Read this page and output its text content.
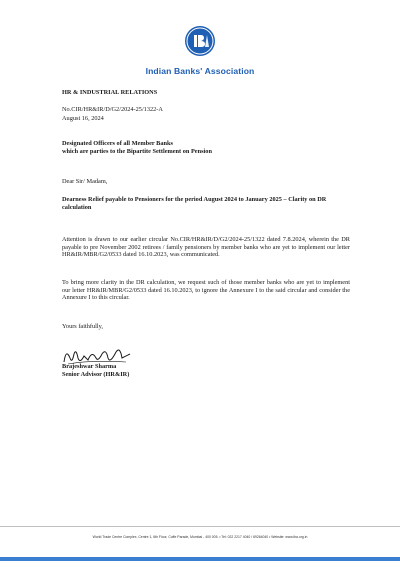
Indian Banks' Association
HR & INDUSTRIAL RELATIONS
No.CIR/HR&IR/D/G2/2024-25/1322-A
August 16, 2024
Designated Officers of all Member Banks
which are parties to the Bipartite Settlement on Pension
Dear Sir/ Madam,
Dearness Relief payable to Pensioners for the period August 2024 to January 2025 – Clarity on DR calculation
Attention is drawn to our earlier circular No.CIR/HR&IR/D/G2/2024-25/1322 dated 7.8.2024, wherein the DR payable to pre November 2002 retirees / family pensioners by member banks who are yet to implement our letter HR&IR/MBR/G2/0533 dated 16.10.2023, was communicated.
To bring more clarity in the DR calculation, we request such of those member banks who are yet to implement our letter HR&IR/MBR/G2/0533 dated 16.10.2023, to ignore the Annexure I to the said circular and consider the Annexure I to this circular.
Yours faithfully,
Brajeshwar Sharma
Senior Advisor (HR&IR)
World Trade Centre Complex, Centre 1, 6th Floor, Cuffe Parade, Mumbai - 400 005. • Tel: 022 2217 4040 / 69264040 • Website: www.iba.org.in
